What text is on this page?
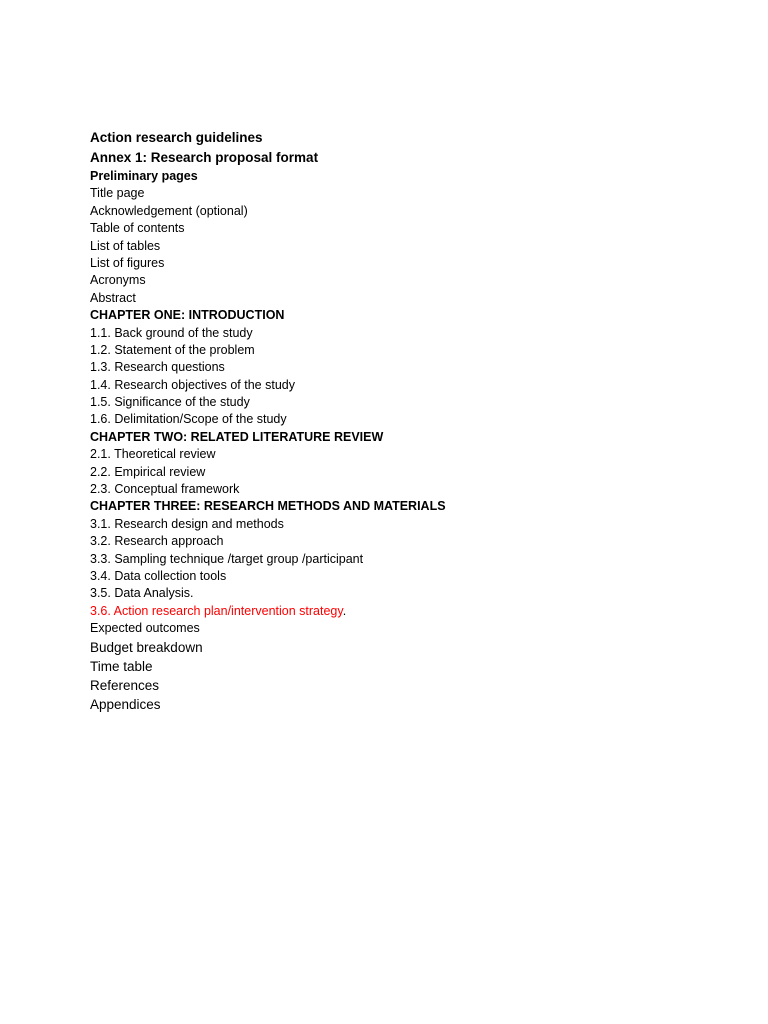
Action research guidelines
Annex 1: Research proposal format
Preliminary pages
Title page
Acknowledgement (optional)
Table of contents
List of tables
List of figures
Acronyms
Abstract
CHAPTER ONE: INTRODUCTION
1.1. Back ground of the study
1.2. Statement of the problem
1.3. Research questions
1.4. Research objectives of the study
1.5. Significance of the study
1.6. Delimitation/Scope of the study
CHAPTER TWO: RELATED LITERATURE REVIEW
2.1. Theoretical review
2.2. Empirical review
2.3. Conceptual framework
CHAPTER THREE: RESEARCH METHODS AND MATERIALS
3.1. Research design and methods
3.2. Research approach
3.3. Sampling technique /target group /participant
3.4. Data collection tools
3.5. Data Analysis.
3.6. Action research plan/intervention strategy.
Expected outcomes
Budget breakdown
Time table
References
Appendices
